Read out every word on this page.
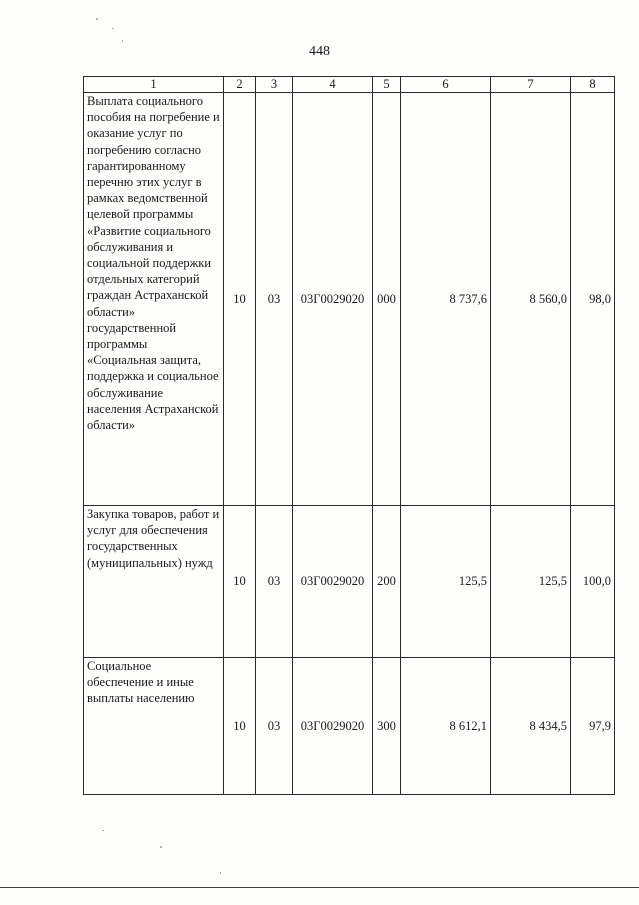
448
1	2	3	4	5	6	7	8
Выплата социального пособия на погребение и оказание услуг по погребению согласно гарантированному перечню этих услуг в рамках ведомственной целевой программы «Развитие социального обслуживания и социальной поддержки отдельных категорий граждан Астраханской области» государственной программы «Социальная защита, поддержка и социальное обслуживание населения Астраханской области»	10	03	03Г0029020	000	8 737,6	8 560,0	98,0
Закупка товаров, работ и услуг для обеспечения государственных (муниципальных) нужд	10	03	03Г0029020	200	125,5	125,5	100,0
Социальное обеспечение и иные выплаты населению	10	03	03Г0029020	300	8 612,1	8 434,5	97,9
